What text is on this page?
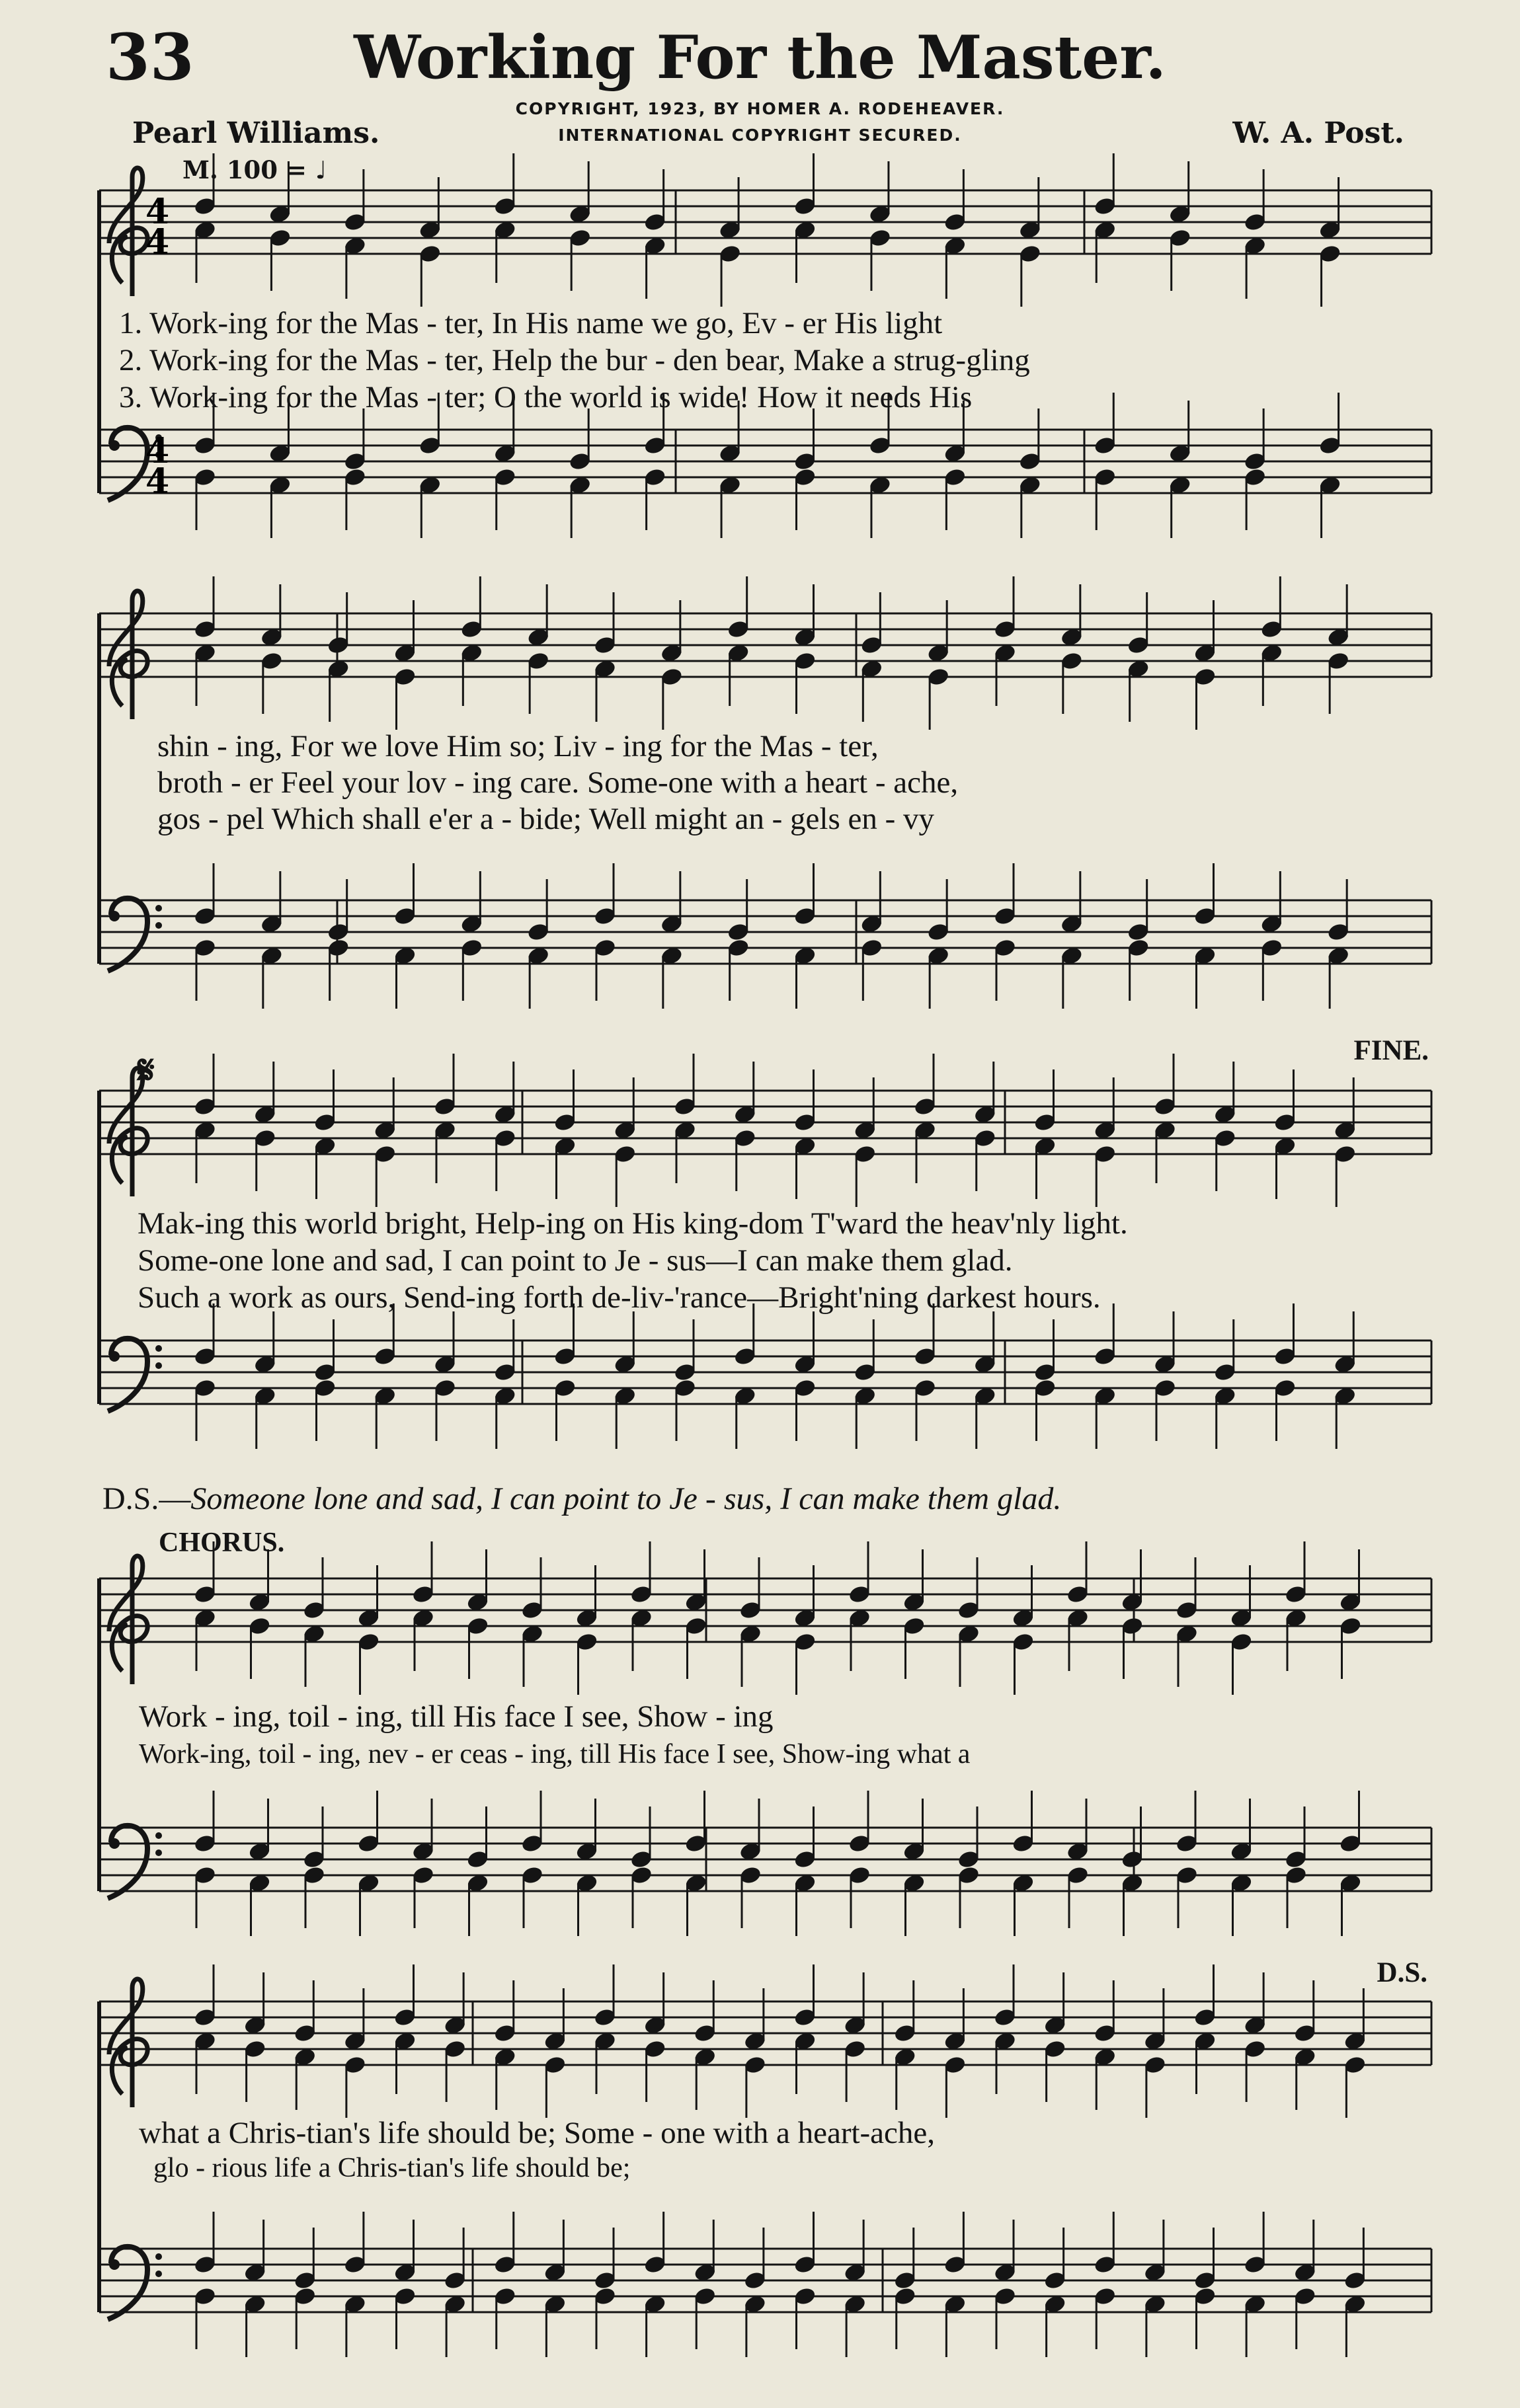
33	Working For the Master.
COPYRIGHT, 1923, BY HOMER A. RODEHEAVER.
INTERNATIONAL COPYRIGHT SECURED.
Pearl Williams.	W. A. Post.
M. 100 = ♩
4
4
4
4
1. Work-ing for the Mas - ter, In His name we go, Ev - er His light
2. Work-ing for the Mas - ter, Help the bur - den bear, Make a strug-gling
3. Work-ing for the Mas - ter; O the world is wide! How it needs His
shin - ing, For we love Him so; Liv - ing for the Mas - ter,
broth - er Feel your lov - ing care. Some-one with a heart - ache,
gos - pel Which shall e'er a - bide; Well might an - gels en - vy
FINE.
𝄋
Mak-ing this world bright, Help-ing on His king-dom T'ward the heav'nly light.
Some-one lone and sad, I can point to Je - sus—I can make them glad.
Such a work as ours, Send-ing forth de-liv-'rance—Bright'ning darkest hours.
D.S.—Someone lone and sad, I can point to Je - sus, I can make them glad.
CHORUS.
Work - ing, toil - ing, till His face I see, Show - ing
Work-ing, toil - ing, nev - er ceas - ing, till His face I see, Show-ing what a
D.S.
what a Chris-tian's life should be; Some - one with a heart-ache,
glo - rious life a Chris-tian's life should be;
